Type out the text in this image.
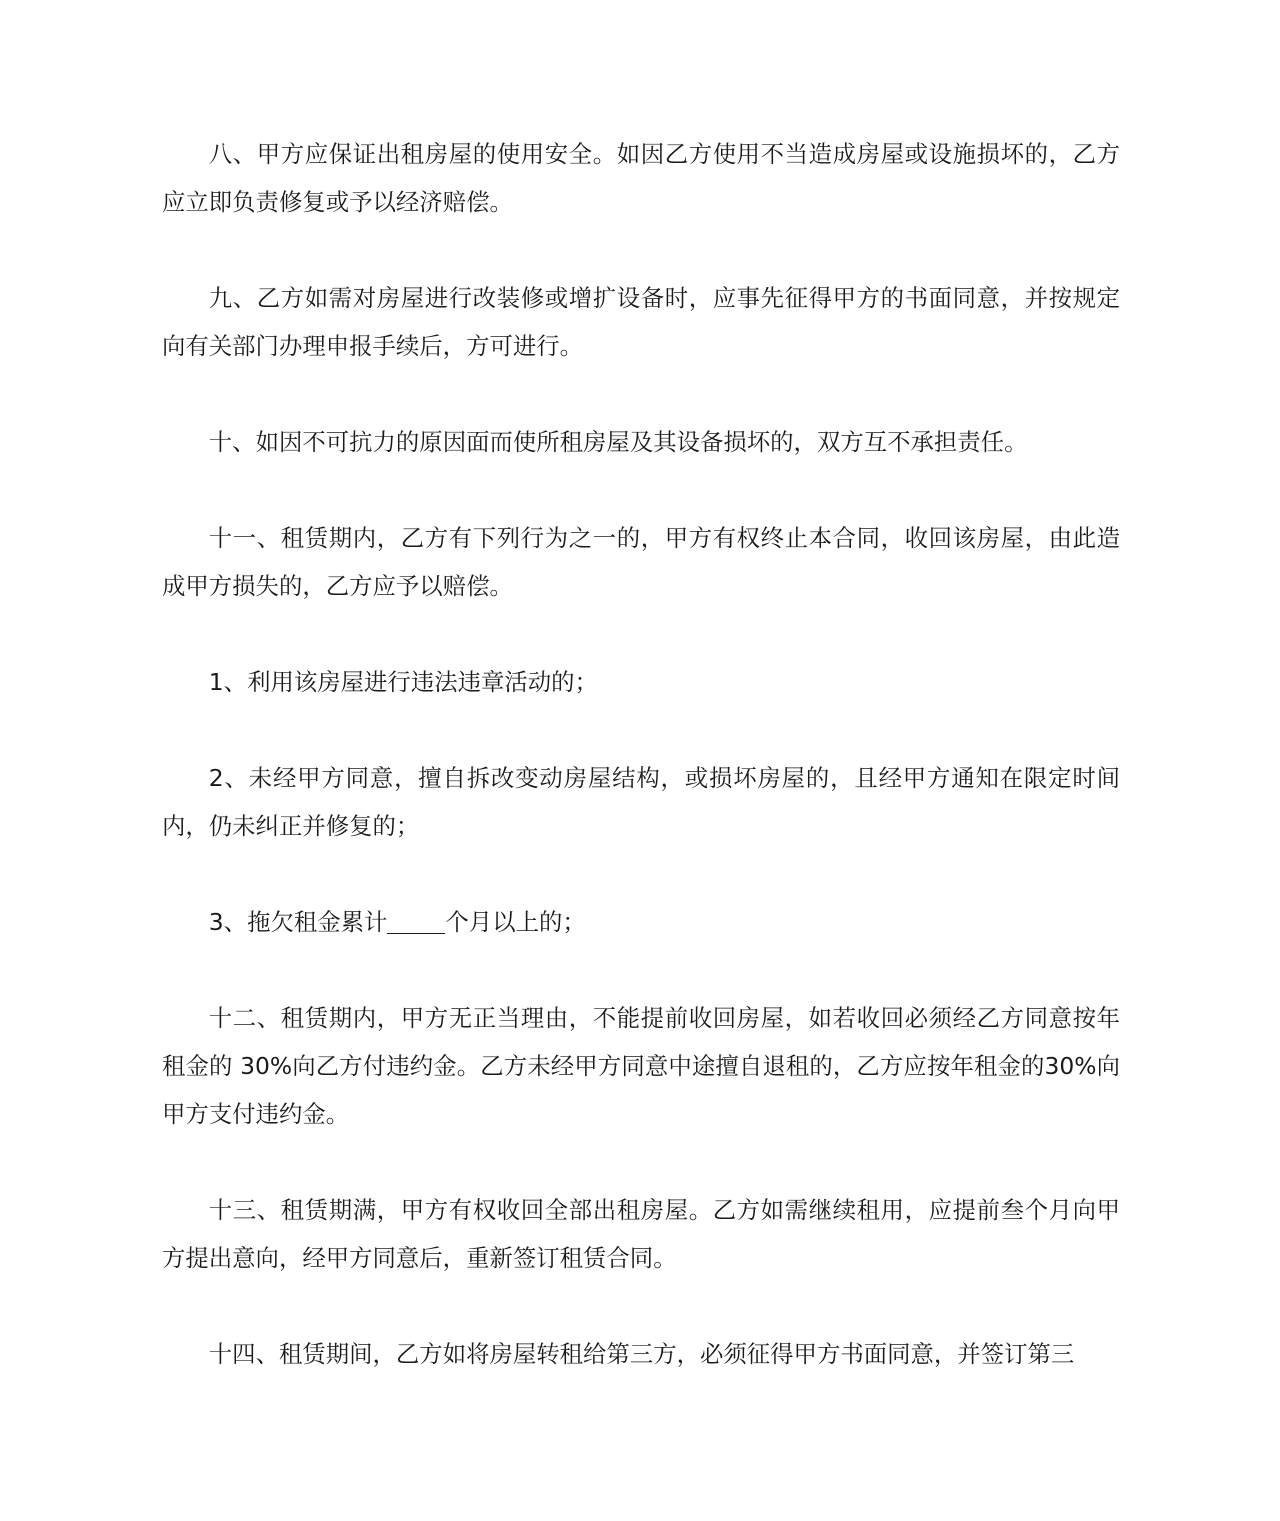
八、甲方应保证出租房屋的使用安全。如因乙方使用不当造成房屋或设施损坏的，乙方应立即负责修复或予以经济赔偿。

九、乙方如需对房屋进行改装修或增扩设备时，应事先征得甲方的书面同意，并按规定向有关部门办理申报手续后，方可进行。

十、如因不可抗力的原因面而使所租房屋及其设备损坏的，双方互不承担责任。

十一、租赁期内，乙方有下列行为之一的，甲方有权终止本合同，收回该房屋，由此造成甲方损失的，乙方应予以赔偿。

1、利用该房屋进行违法违章活动的；

2、未经甲方同意，擅自拆改变动房屋结构，或损坏房屋的，且经甲方通知在限定时间内，仍未纠正并修复的；

3、拖欠租金累计 个月以上的；

十二、租赁期内，甲方无正当理由，不能提前收回房屋，如若收回必须经乙方同意按年租金的 30%向乙方付违约金。乙方未经甲方同意中途擅自退租的，乙方应按年租金的30%向甲方支付违约金。

十三、租赁期满，甲方有权收回全部出租房屋。乙方如需继续租用，应提前叁个月向甲方提出意向，经甲方同意后，重新签订租赁合同。

十四、租赁期间，乙方如将房屋转租给第三方，必须征得甲方书面同意，并签订第三
